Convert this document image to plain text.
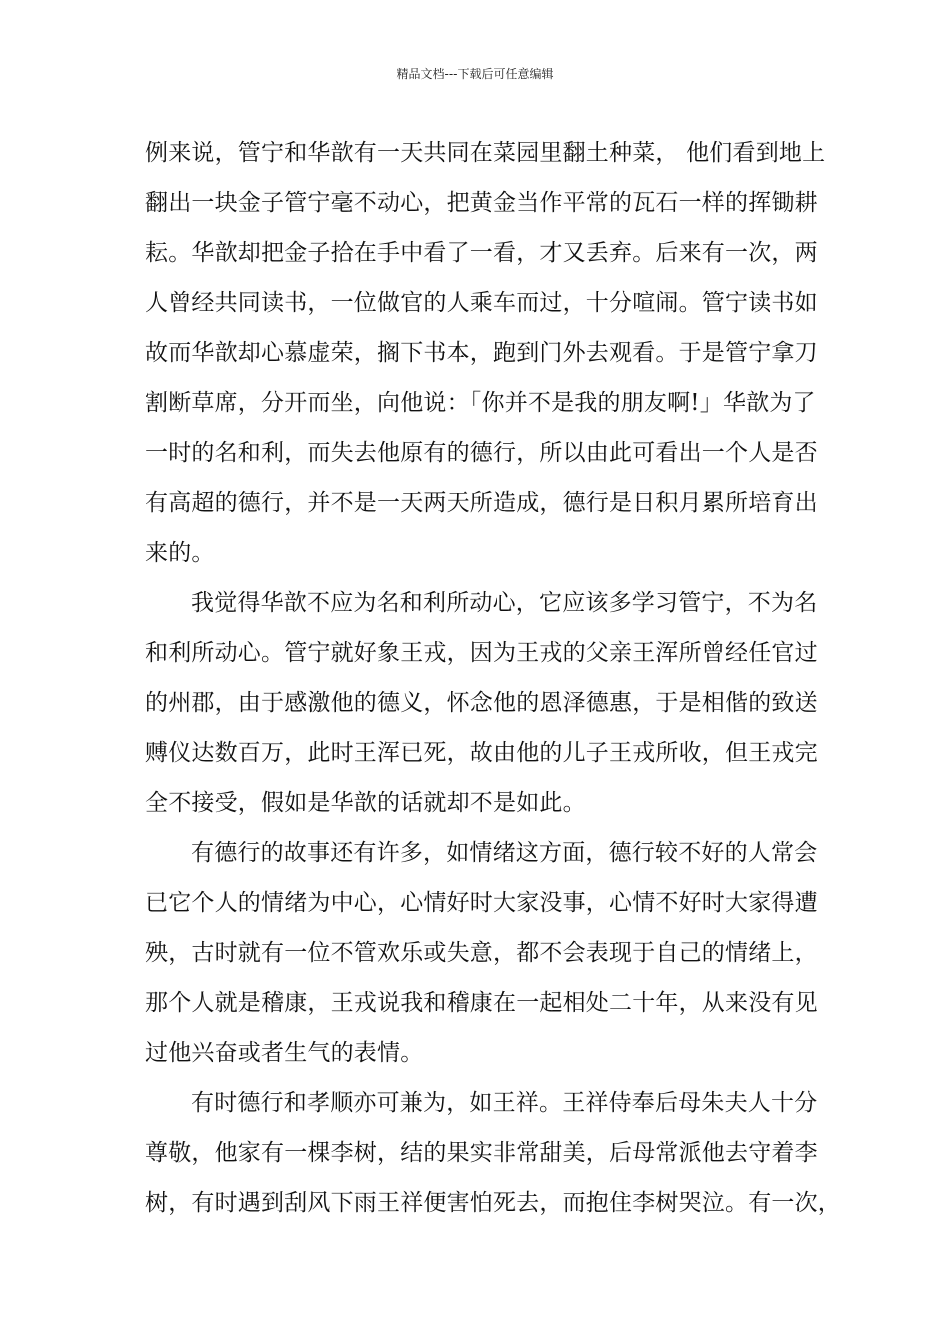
精品文档---下载后可任意编辑
例来说，管宁和华歆有一天共同在菜园里翻土种菜， 他们看到地上
翻出一块金子管宁毫不动心，把黄金当作平常的瓦石一样的挥锄耕
耘。华歆却把金子拾在手中看了一看，才又丢弃。后来有一次，两
人曾经共同读书，一位做官的人乘车而过，十分喧闹。管宁读书如
故而华歆却心慕虚荣，搁下书本，跑到门外去观看。于是管宁拿刀
割断草席，分开而坐，向他说：「你并不是我的朋友啊!」华歆为了
一时的名和利，而失去他原有的德行，所以由此可看出一个人是否
有高超的德行，并不是一天两天所造成，德行是日积月累所培育出
来的。
我觉得华歆不应为名和利所动心，它应该多学习管宁，不为名
和利所动心。管宁就好象王戎，因为王戎的父亲王浑所曾经任官过
的州郡，由于感激他的德义，怀念他的恩泽德惠，于是相偕的致送
赙仪达数百万，此时王浑已死，故由他的儿子王戎所收，但王戎完
全不接受，假如是华歆的话就却不是如此。
有德行的故事还有许多，如情绪这方面，德行较不好的人常会
已它个人的情绪为中心，心情好时大家没事，心情不好时大家得遭
殃，古时就有一位不管欢乐或失意，都不会表现于自己的情绪上，
那个人就是稽康，王戎说我和稽康在一起相处二十年，从来没有见
过他兴奋或者生气的表情。
有时德行和孝顺亦可兼为，如王祥。王祥侍奉后母朱夫人十分
尊敬，他家有一棵李树，结的果实非常甜美，后母常派他去守着李
树，有时遇到刮风下雨王祥便害怕死去，而抱住李树哭泣。有一次，
